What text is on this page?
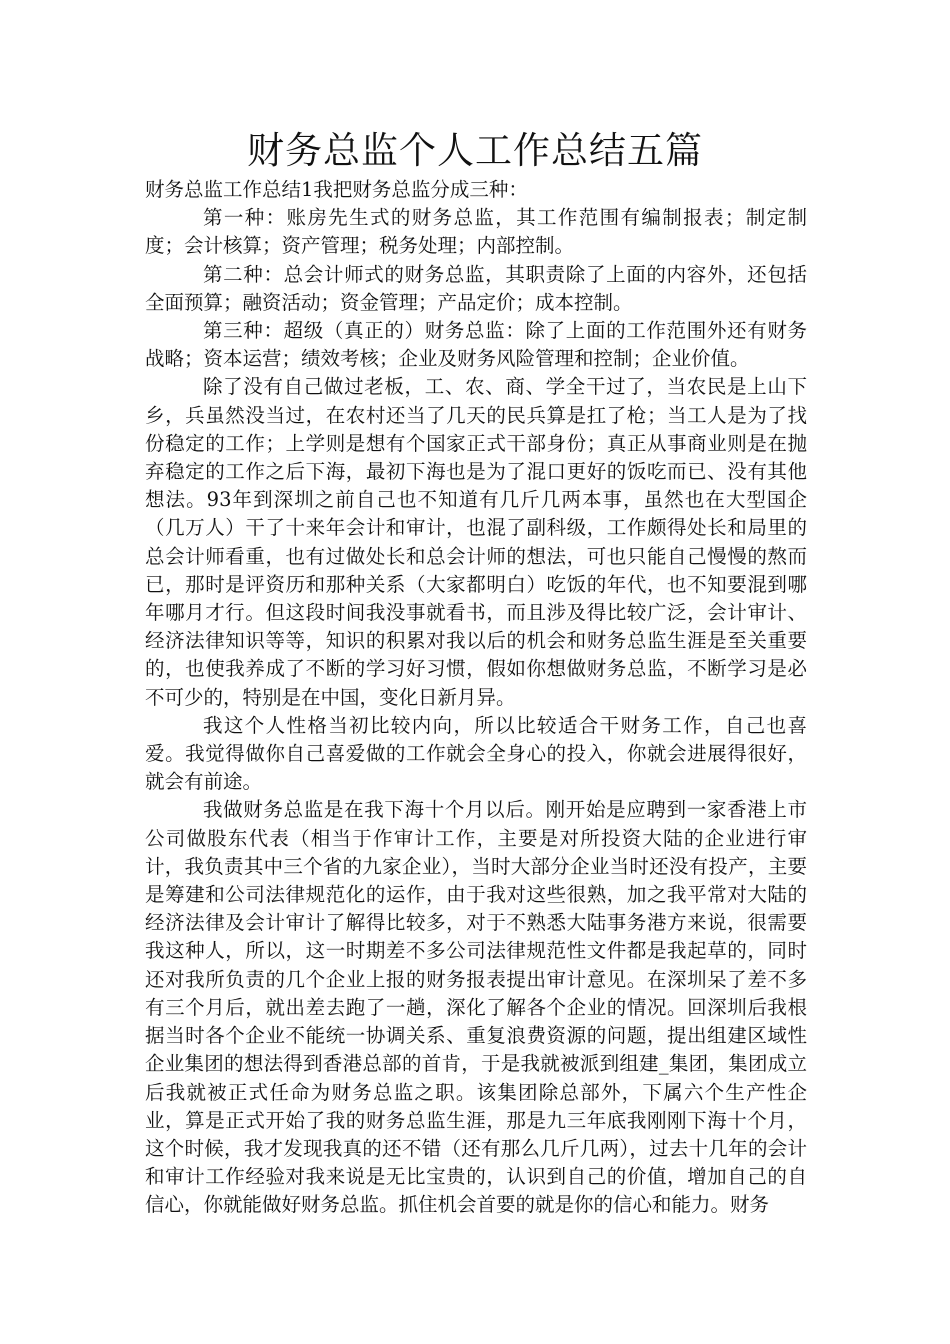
财务总监个人工作总结五篇

财务总监工作总结1我把财务总监分成三种：

第一种：账房先生式的财务总监，其工作范围有编制报表；制定制度；会计核算；资产管理；税务处理；内部控制。

第二种：总会计师式的财务总监，其职责除了上面的内容外，还包括全面预算；融资活动；资金管理；产品定价；成本控制。

第三种：超级（真正的）财务总监：除了上面的工作范围外还有财务战略；资本运营；绩效考核；企业及财务风险管理和控制；企业价值。

除了没有自己做过老板，工、农、商、学全干过了，当农民是上山下乡，兵虽然没当过，在农村还当了几天的民兵算是扛了枪；当工人是为了找份稳定的工作；上学则是想有个国家正式干部身份；真正从事商业则是在抛弃稳定的工作之后下海，最初下海也是为了混口更好的饭吃而已、没有其他想法。93年到深圳之前自己也不知道有几斤几两本事，虽然也在大型国企（几万人）干了十来年会计和审计，也混了副科级，工作颇得处长和局里的总会计师看重，也有过做处长和总会计师的想法，可也只能自己慢慢的熬而已，那时是评资历和那种关系（大家都明白）吃饭的年代，也不知要混到哪年哪月才行。但这段时间我没事就看书，而且涉及得比较广泛，会计审计、经济法律知识等等，知识的积累对我以后的机会和财务总监生涯是至关重要的，也使我养成了不断的学习好习惯，假如你想做财务总监，不断学习是必不可少的，特别是在中国，变化日新月异。

我这个人性格当初比较内向，所以比较适合干财务工作，自己也喜爱。我觉得做你自己喜爱做的工作就会全身心的投入，你就会进展得很好，就会有前途。

我做财务总监是在我下海十个月以后。刚开始是应聘到一家香港上市公司做股东代表（相当于作审计工作，主要是对所投资大陆的企业进行审计，我负责其中三个省的九家企业），当时大部分企业当时还没有投产，主要是筹建和公司法律规范化的运作，由于我对这些很熟，加之我平常对大陆的经济法律及会计审计了解得比较多，对于不熟悉大陆事务港方来说，很需要我这种人，所以，这一时期差不多公司法律规范性文件都是我起草的，同时还对我所负责的几个企业上报的财务报表提出审计意见。在深圳呆了差不多有三个月后，就出差去跑了一趟，深化了解各个企业的情况。回深圳后我根据当时各个企业不能统一协调关系、重复浪费资源的问题，提出组建区域性企业集团的想法得到香港总部的首肯，于是我就被派到组建_集团，集团成立后我就被正式任命为财务总监之职。该集团除总部外，下属六个生产性企业，算是正式开始了我的财务总监生涯，那是九三年底我刚刚下海十个月，这个时候，我才发现我真的还不错（还有那么几斤几两），过去十几年的会计和审计工作经验对我来说是无比宝贵的，认识到自己的价值，增加自己的自信心，你就能做好财务总监。抓住机会首要的就是你的信心和能力。财务
